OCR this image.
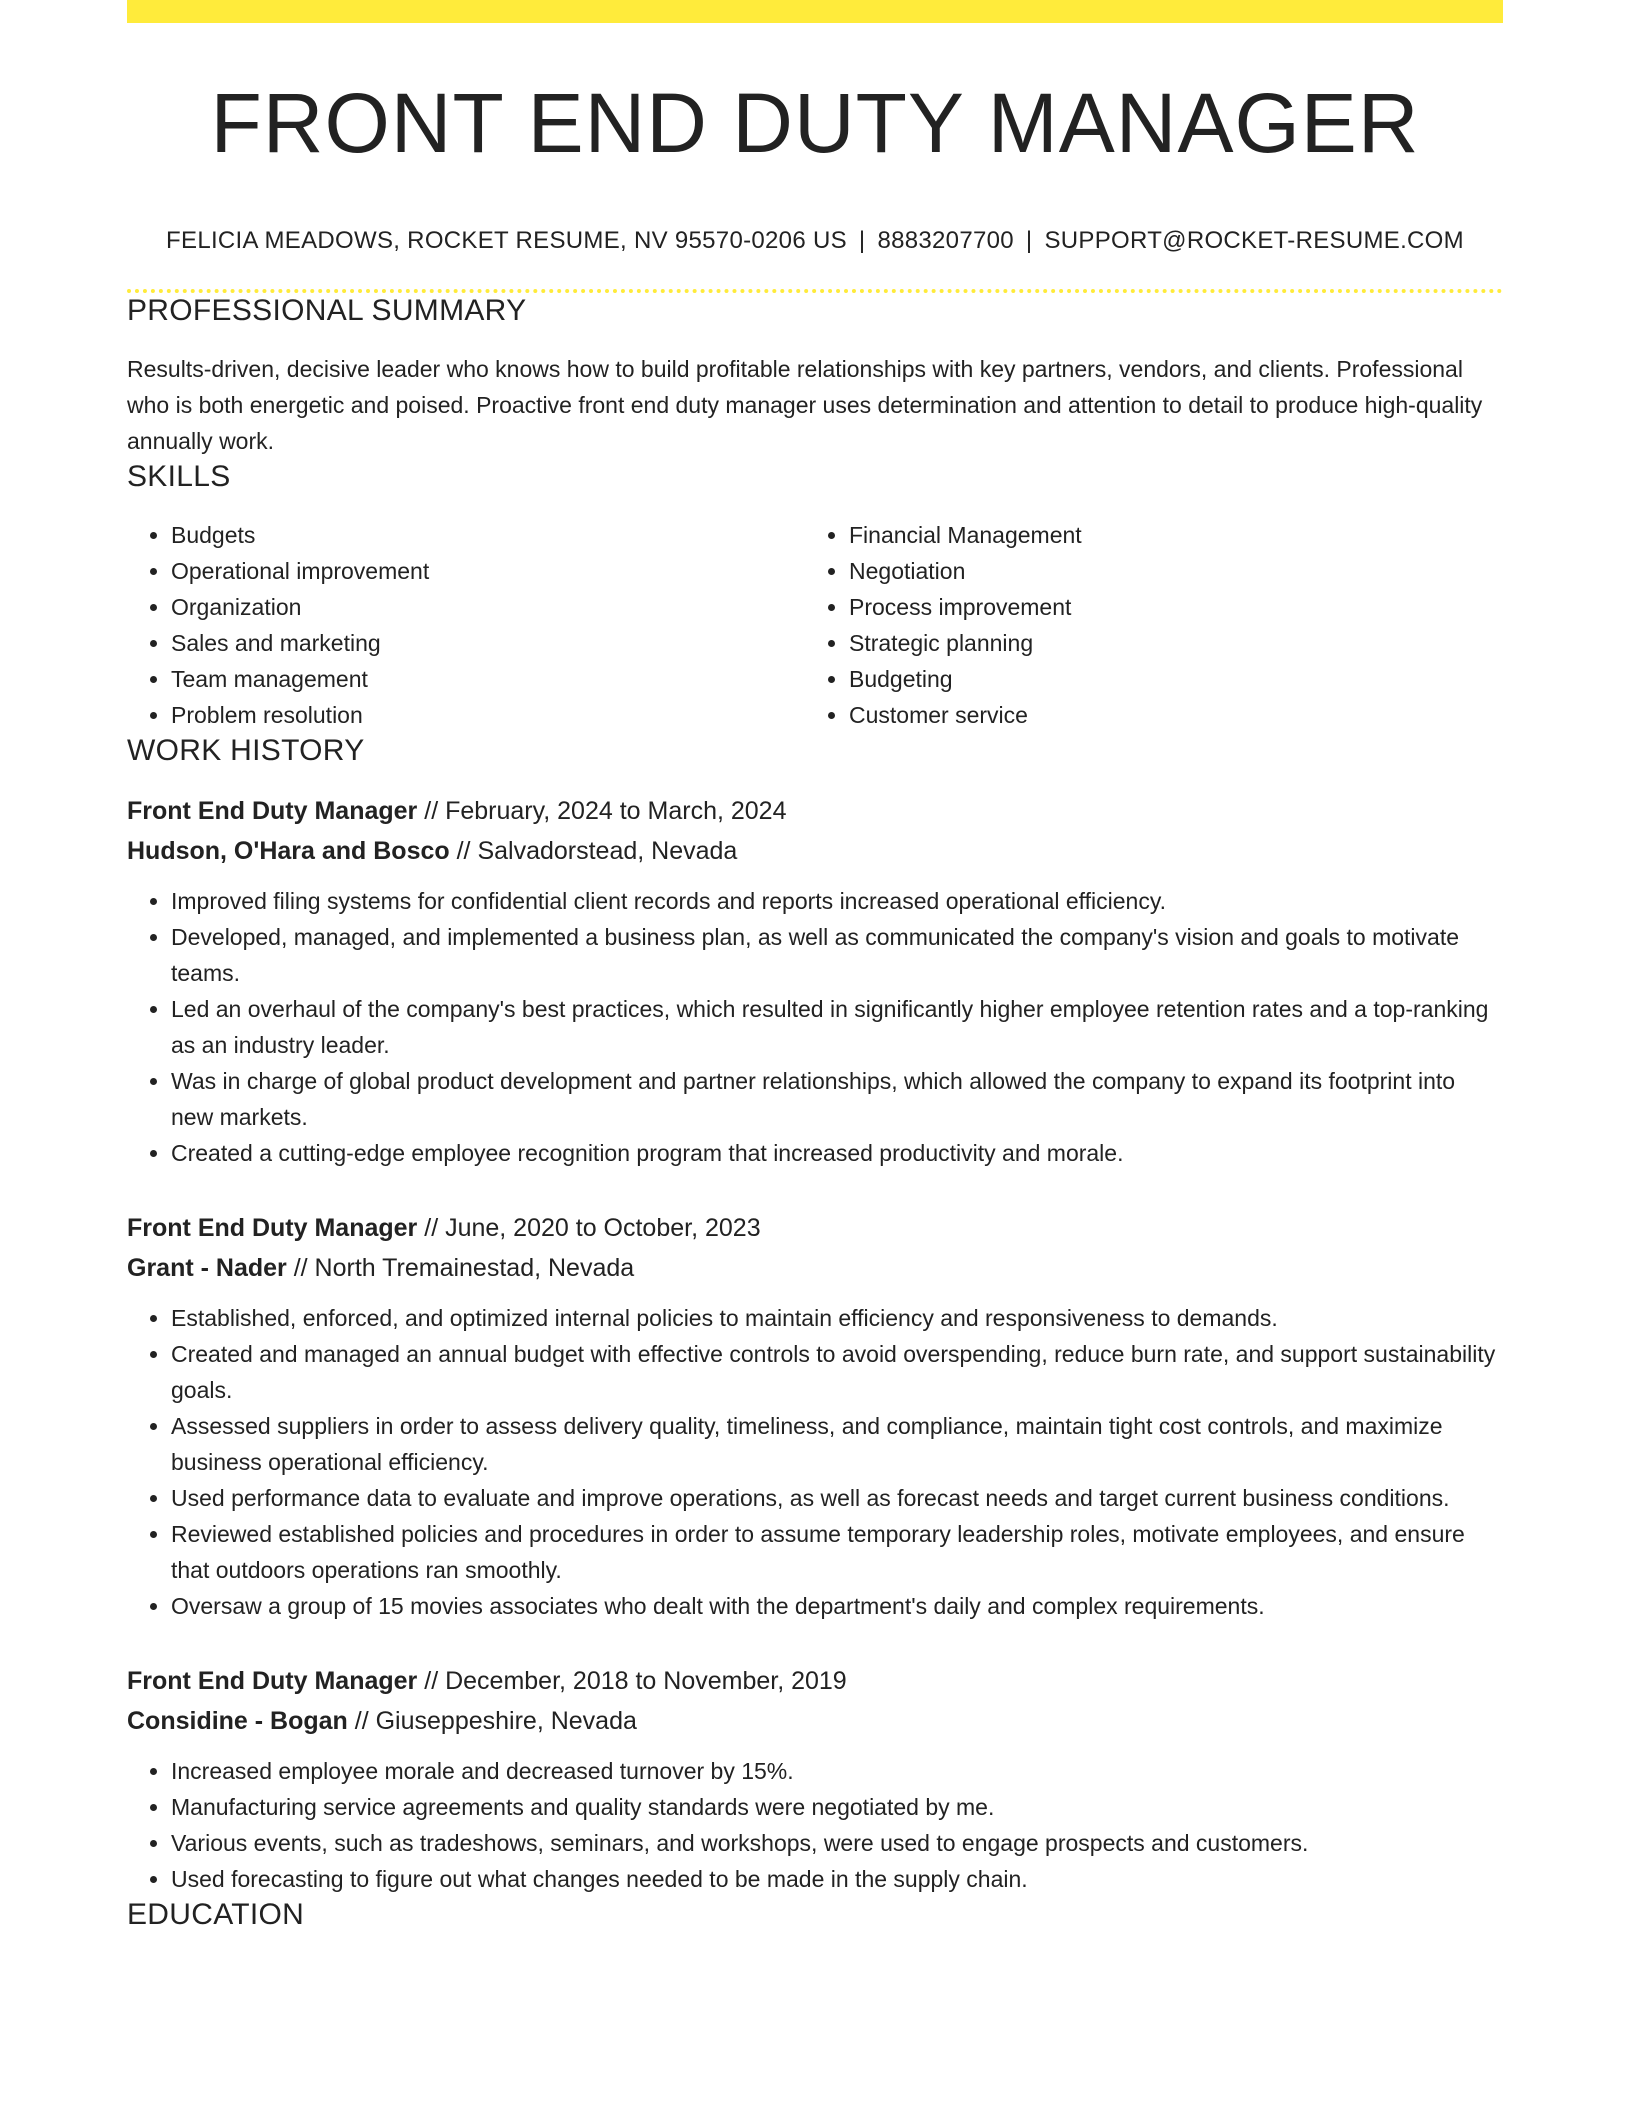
FRONT END DUTY MANAGER
FELICIA MEADOWS, ROCKET RESUME, NV 95570-0206 US | 8883207700 | SUPPORT@ROCKET-RESUME.COM
PROFESSIONAL SUMMARY
Results-driven, decisive leader who knows how to build profitable relationships with key partners, vendors, and clients. Professional who is both energetic and poised. Proactive front end duty manager uses determination and attention to detail to produce high-quality annually work.
SKILLS
• Budgets
• Operational improvement
• Organization
• Sales and marketing
• Team management
• Problem resolution
• Financial Management
• Negotiation
• Process improvement
• Strategic planning
• Budgeting
• Customer service
WORK HISTORY
Front End Duty Manager // February, 2024 to March, 2024
Hudson, O'Hara and Bosco // Salvadorstead, Nevada
• Improved filing systems for confidential client records and reports increased operational efficiency.
• Developed, managed, and implemented a business plan, as well as communicated the company's vision and goals to motivate teams.
• Led an overhaul of the company's best practices, which resulted in significantly higher employee retention rates and a top-ranking as an industry leader.
• Was in charge of global product development and partner relationships, which allowed the company to expand its footprint into new markets.
• Created a cutting-edge employee recognition program that increased productivity and morale.
Front End Duty Manager // June, 2020 to October, 2023
Grant - Nader // North Tremainestad, Nevada
• Established, enforced, and optimized internal policies to maintain efficiency and responsiveness to demands.
• Created and managed an annual budget with effective controls to avoid overspending, reduce burn rate, and support sustainability goals.
• Assessed suppliers in order to assess delivery quality, timeliness, and compliance, maintain tight cost controls, and maximize business operational efficiency.
• Used performance data to evaluate and improve operations, as well as forecast needs and target current business conditions.
• Reviewed established policies and procedures in order to assume temporary leadership roles, motivate employees, and ensure that outdoors operations ran smoothly.
• Oversaw a group of 15 movies associates who dealt with the department's daily and complex requirements.
Front End Duty Manager // December, 2018 to November, 2019
Considine - Bogan // Giuseppeshire, Nevada
• Increased employee morale and decreased turnover by 15%.
• Manufacturing service agreements and quality standards were negotiated by me.
• Various events, such as tradeshows, seminars, and workshops, were used to engage prospects and customers.
• Used forecasting to figure out what changes needed to be made in the supply chain.
EDUCATION
